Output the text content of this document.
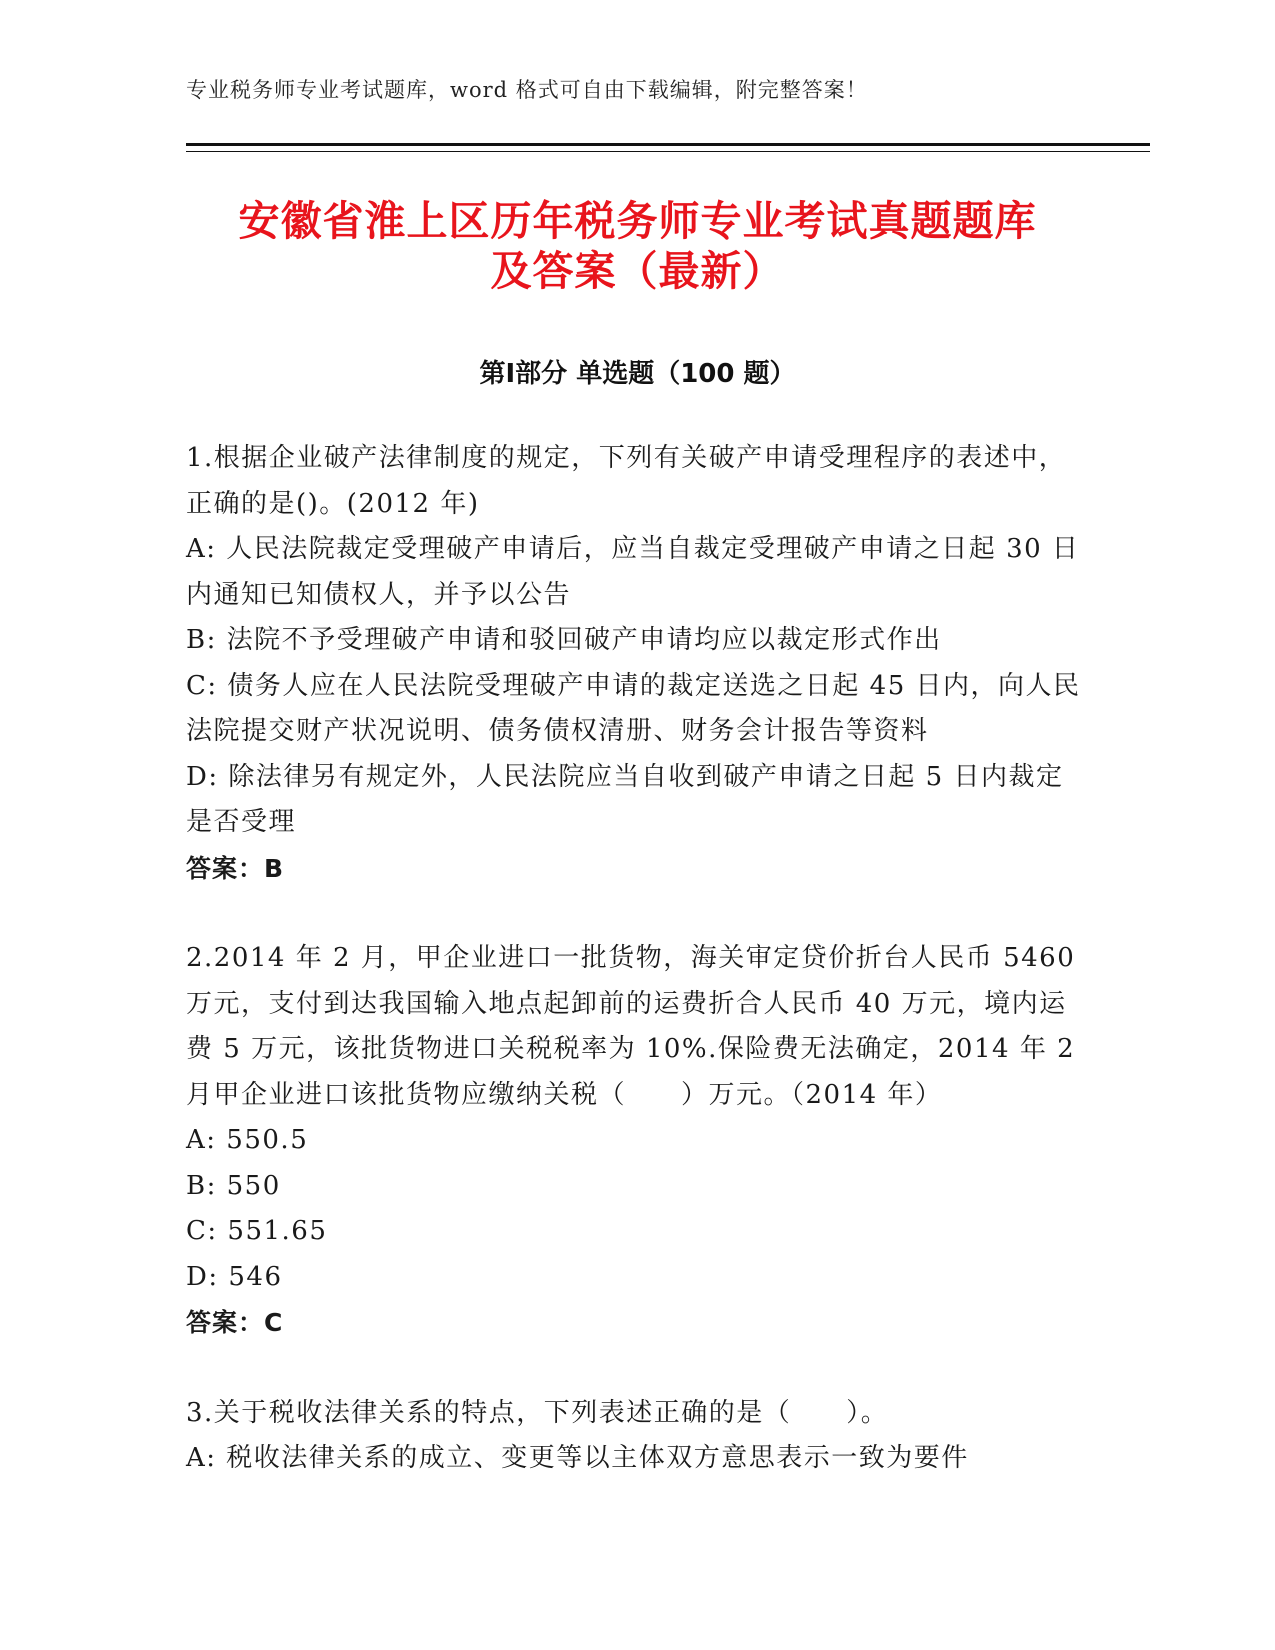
专业税务师专业考试题库，word 格式可自由下载编辑，附完整答案！
安徽省淮上区历年税务师专业考试真题题库
及答案（最新）
第Ⅰ部分 单选题（100 题）

1.根据企业破产法律制度的规定，下列有关破产申请受理程序的表述中，正确的是()。(2012 年)

A: 人民法院裁定受理破产申请后，应当自裁定受理破产申请之日起 30 日内通知已知债权人，并予以公告

B: 法院不予受理破产申请和驳回破产申请均应以裁定形式作出

C: 债务人应在人民法院受理破产申请的裁定送选之日起 45 日内，向人民法院提交财产状况说明、债务债权清册、财务会计报告等资料

D: 除法律另有规定外，人民法院应当自收到破产申请之日起 5 日内裁定是否受理

答案：B

2.2014 年 2 月，甲企业进口一批货物，海关审定贷价折台人民币 5460 万元，支付到达我国输入地点起卸前的运费折合人民币 40 万元，境内运费 5 万元，该批货物进口关税税率为 10%.保险费无法确定，2014 年 2 月甲企业进口该批货物应缴纳关税（　　）万元。（2014 年）

A: 550.5

B: 550

C: 551.65

D: 546

答案：C

3.关于税收法律关系的特点，下列表述正确的是（　　）。

A: 税收法律关系的成立、变更等以主体双方意思表示一致为要件
